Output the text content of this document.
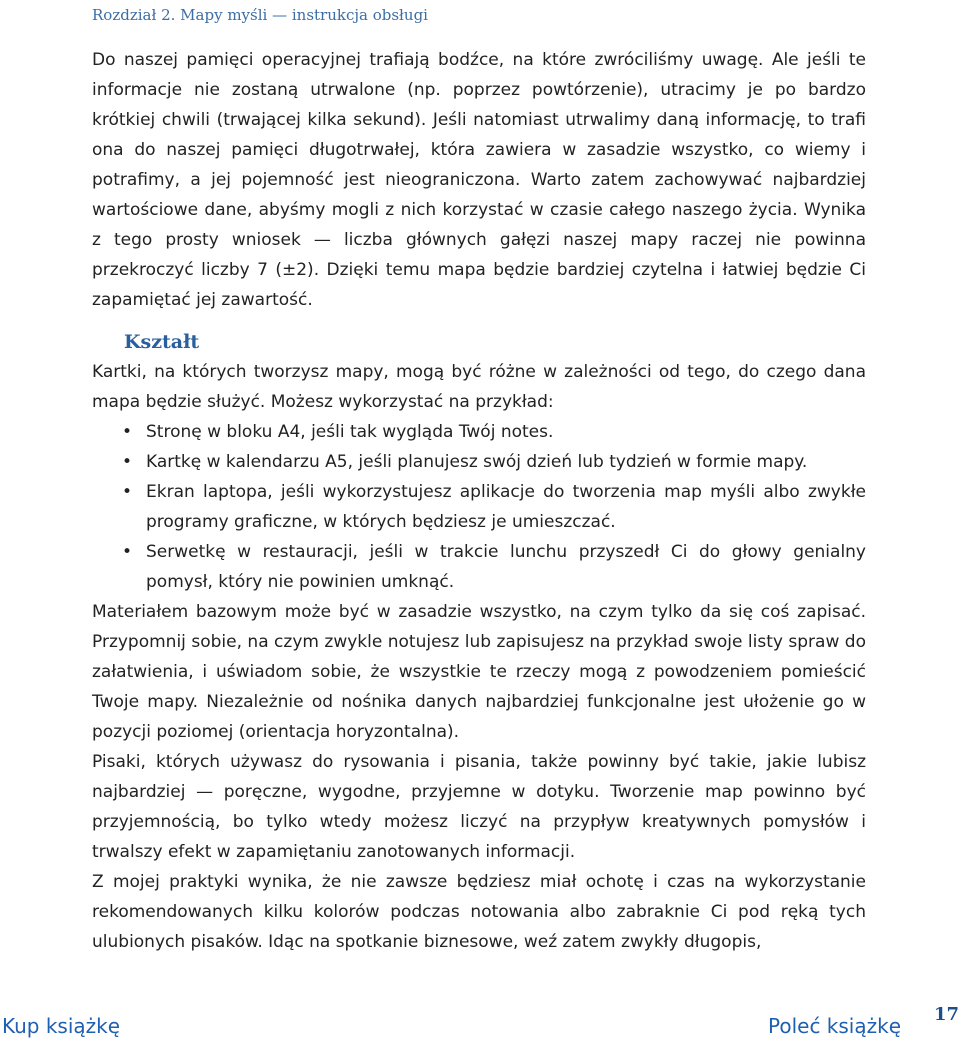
Rozdział 2. Mapy myśli — instrukcja obsługi

Do naszej pamięci operacyjnej trafiają bodźce, na które zwróciliśmy uwagę. Ale jeśli te informacje nie zostaną utrwalone (np. poprzez powtórzenie), utracimy je po bardzo krótkiej chwili (trwającej kilka sekund). Jeśli natomiast utrwalimy daną informację, to trafi ona do naszej pamięci długotrwałej, która zawiera w zasadzie wszystko, co wiemy i potrafimy, a jej pojemność jest nieograniczona. Warto zatem zachowywać najbardziej wartościowe dane, abyśmy mogli z nich korzystać w czasie całego naszego życia. Wynika z tego prosty wniosek — liczba głównych gałęzi naszej mapy raczej nie powinna przekroczyć liczby 7 (±2). Dzięki temu mapa będzie bardziej czytelna i łatwiej będzie Ci zapamiętać jej zawartość.

Kształt

Kartki, na których tworzysz mapy, mogą być różne w zależności od tego, do czego dana mapa będzie służyć. Możesz wykorzystać na przykład:

• Stronę w bloku A4, jeśli tak wygląda Twój notes.
• Kartkę w kalendarzu A5, jeśli planujesz swój dzień lub tydzień w formie mapy.
• Ekran laptopa, jeśli wykorzystujesz aplikacje do tworzenia map myśli albo zwykłe programy graficzne, w których będziesz je umieszczać.
• Serwetkę w restauracji, jeśli w trakcie lunchu przyszedł Ci do głowy genialny pomysł, który nie powinien umknąć.

Materiałem bazowym może być w zasadzie wszystko, na czym tylko da się coś zapisać. Przypomnij sobie, na czym zwykle notujesz lub zapisujesz na przykład swoje listy spraw do załatwienia, i uświadom sobie, że wszystkie te rzeczy mogą z powodzeniem pomieścić Twoje mapy. Niezależnie od nośnika danych najbardziej funkcjonalne jest ułożenie go w pozycji poziomej (orientacja horyzontalna).

Pisaki, których używasz do rysowania i pisania, także powinny być takie, jakie lubisz najbardziej — poręczne, wygodne, przyjemne w dotyku. Tworzenie map powinno być przyjemnością, bo tylko wtedy możesz liczyć na przypływ kreatywnych pomysłów i trwalszy efekt w zapamiętaniu zanotowanych informacji.

Z mojej praktyki wynika, że nie zawsze będziesz miał ochotę i czas na wykorzystanie rekomendowanych kilku kolorów podczas notowania albo zabraknie Ci pod ręką tych ulubionych pisaków. Idąc na spotkanie biznesowe, weź zatem zwykły długopis,

Kup książkę	Poleć książkę 17
